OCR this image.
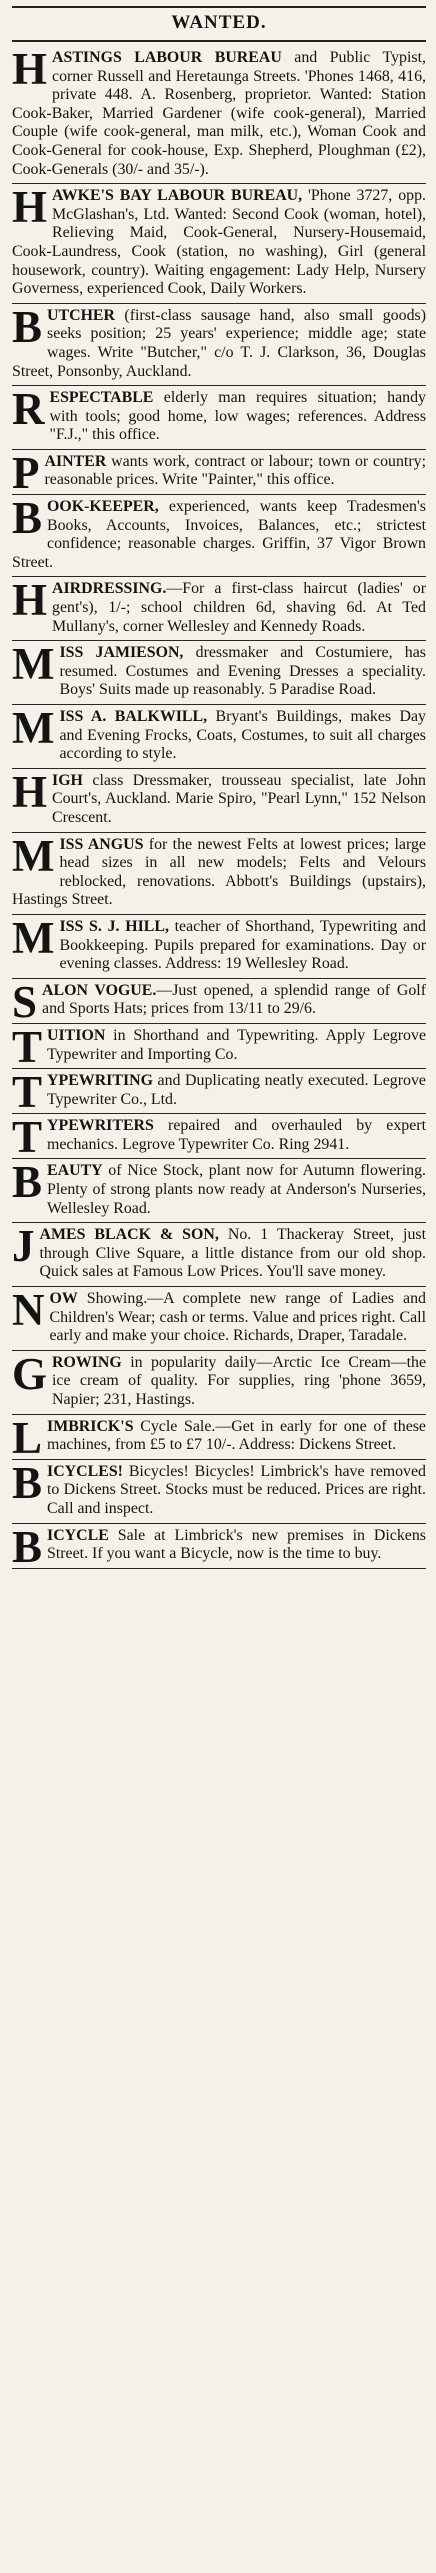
WANTED.

HASTINGS LABOUR BUREAU and Public Typist, corner Russell and Heretaunga Streets. 'Phones 1468, 416, private 448. A. Rosenberg, proprietor. Wanted: Station Cook-Baker, Married Gardener (wife cook-general), Married Couple (wife cook-general, man milk, etc.), Woman Cook and Cook-General for cook-house, Exp. Shepherd, Ploughman (£2), Cook-Generals (30/- and 35/-).

HAWKE'S BAY LABOUR BUREAU, 'Phone 3727, opp. McGlashan's, Ltd. Wanted: Second Cook (woman, hotel), Relieving Maid, Cook-General, Nursery-Housemaid, Cook-Laundress, Cook (station, no washing), Girl (general housework, country). Waiting engagement: Lady Help, Nursery Governess, experienced Cook, Daily Workers.

BUTCHER (first-class sausage hand, also small goods) seeks position; 25 years' experience; middle age; state wages. Write "Butcher," c/o T. J. Clarkson, 36, Douglas Street, Ponsonby, Auckland.

RESPECTABLE elderly man requires situation; handy with tools; good home, low wages; references. Address "F.J.," this office.

PAINTER wants work, contract or labour; town or country; reasonable prices. Write "Painter," this office.

BOOK-KEEPER, experienced, wants keep Tradesmen's Books, Accounts, Invoices, Balances, etc.; strictest confidence; reasonable charges. Griffin, 37 Vigor Brown Street.

HAIRDRESSING.—For a first-class haircut (ladies' or gent's), 1/-; school children 6d, shaving 6d. At Ted Mullany's, corner Wellesley and Kennedy Roads.

MISS JAMIESON, dressmaker and Costumiere, has resumed. Costumes and Evening Dresses a speciality. Boys' Suits made up reasonably. 5 Paradise Road.

MISS A. BALKWILL, Bryant's Buildings, makes Day and Evening Frocks, Coats, Costumes, to suit all charges according to style.

HIGH class Dressmaker, trousseau specialist, late John Court's, Auckland. Marie Spiro, "Pearl Lynn," 152 Nelson Crescent.

MISS ANGUS for the newest Felts at lowest prices; large head sizes in all new models; Felts and Velours reblocked, renovations. Abbott's Buildings (upstairs), Hastings Street.

MISS S. J. HILL, teacher of Shorthand, Typewriting and Bookkeeping. Pupils prepared for examinations. Day or evening classes. Address: 19 Wellesley Road.

SALON VOGUE.—Just opened, a splendid range of Golf and Sports Hats; prices from 13/11 to 29/6.

TUITION in Shorthand and Typewriting. Apply Legrove Typewriter and Importing Co.

TYPEWRITING and Duplicating neatly executed. Legrove Typewriter Co., Ltd.

TYPEWRITERS repaired and overhauled by expert mechanics. Legrove Typewriter Co. Ring 2941.

BEAUTY of Nice Stock, plant now for Autumn flowering. Plenty of strong plants now ready at Anderson's Nurseries, Wellesley Road.

JAMES BLACK & SON, No. 1 Thackeray Street, just through Clive Square, a little distance from our old shop. Quick sales at Famous Low Prices. You'll save money.

NOW Showing.—A complete new range of Ladies and Children's Wear; cash or terms. Value and prices right. Call early and make your choice. Richards, Draper, Taradale.

GROWING in popularity daily—Arctic Ice Cream—the ice cream of quality. For supplies, ring 'phone 3659, Napier; 231, Hastings.

LIMBRICK'S Cycle Sale.—Get in early for one of these machines, from £5 to £7 10/-. Address: Dickens Street.

BICYCLES! Bicycles! Bicycles! Limbrick's have removed to Dickens Street. Stocks must be reduced. Prices are right. Call and inspect.

BICYCLE Sale at Limbrick's new premises in Dickens Street. If you want a Bicycle, now is the time to buy.
